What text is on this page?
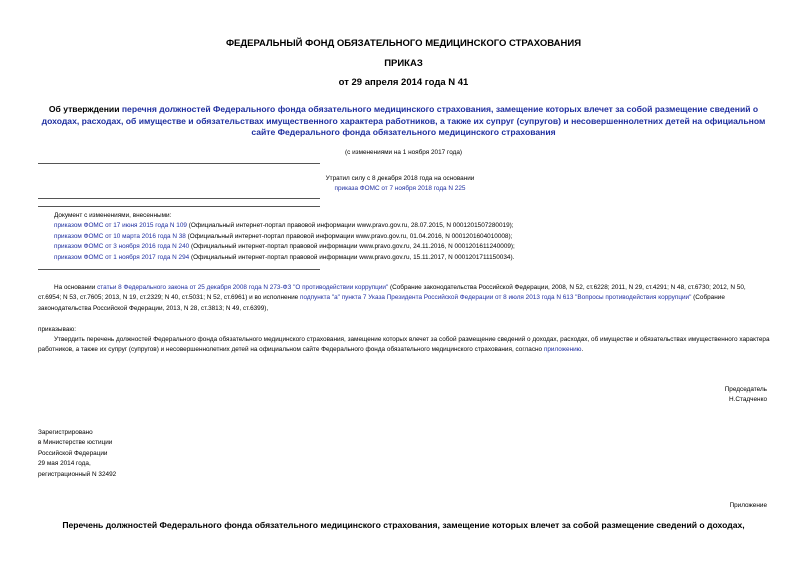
ФЕДЕРАЛЬНЫЙ ФОНД ОБЯЗАТЕЛЬНОГО МЕДИЦИНСКОГО СТРАХОВАНИЯ
ПРИКАЗ
от 29 апреля 2014 года N 41
Об утверждении перечня должностей Федерального фонда обязательного медицинского страхования, замещение которых влечет за собой размещение сведений о доходах, расходах, об имуществе и обязательствах имущественного характера работников, а также их супруг (супругов) и несовершеннолетних детей на официальном сайте Федерального фонда обязательного медицинского страхования
(с изменениями на 1 ноября 2017 года)
Утратил силу с 8 декабря 2018 года на основании
приказа ФОМС от 7 ноября 2018 года N 225
Документ с изменениями, внесенными:
приказом ФОМС от 17 июня 2015 года N 109 (Официальный интернет-портал правовой информации www.pravo.gov.ru, 28.07.2015, N 0001201507280019);
приказом ФОМС от 10 марта 2016 года N 38 (Официальный интернет-портал правовой информации www.pravo.gov.ru, 01.04.2016, N 0001201604010008);
приказом ФОМС от 3 ноября 2016 года N 240 (Официальный интернет-портал правовой информации www.pravo.gov.ru, 24.11.2016, N 0001201611240009);
приказом ФОМС от 1 ноября 2017 года N 294 (Официальный интернет-портал правовой информации www.pravo.gov.ru, 15.11.2017, N 0001201711150034).
На основании статьи 8 Федерального закона от 25 декабря 2008 года N 273-ФЗ "О противодействии коррупции" (Собрание законодательства Российской Федерации, 2008, N 52, ст.6228; 2011, N 29, ст.4291; N 48, ст.6730; 2012, N 50, ст.6954; N 53, ст.7605; 2013, N 19, ст.2329; N 40, ст.5031; N 52, ст.6961) и во исполнение подпункта "а" пункта 7 Указа Президента Российской Федерации от 8 июля 2013 года N 613 "Вопросы противодействия коррупции" (Собрание законодательства Российской Федерации, 2013, N 28, ст.3813; N 49, ст.6399),
приказываю:
Утвердить перечень должностей Федерального фонда обязательного медицинского страхования, замещение которых влечет за собой размещение сведений о доходах, расходах, об имуществе и обязательствах имущественного характера работников, а также их супруг (супругов) и несовершеннолетних детей на официальном сайте Федерального фонда обязательного медицинского страхования, согласно приложению.
Председатель
Н.Стадченко
Зарегистрировано
в Министерстве юстиции
Российской Федерации
29 мая 2014 года,
регистрационный N 32492
Приложение
Перечень должностей Федерального фонда обязательного медицинского страхования, замещение которых влечет за собой размещение сведений о доходах,
